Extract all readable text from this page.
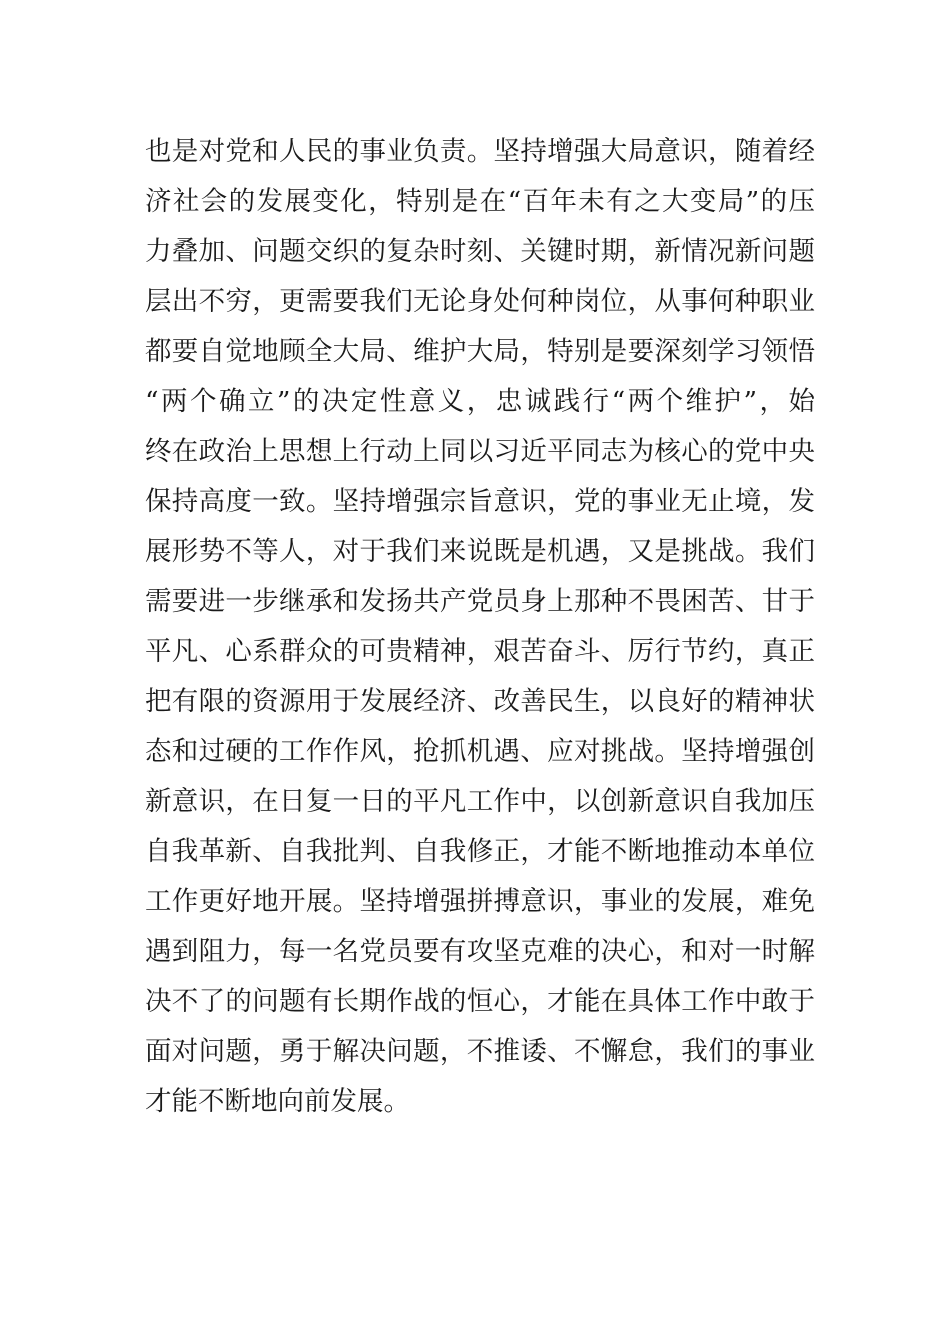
也是对党和人民的事业负责。坚持增强大局意识，随着经
济社会的发展变化，特别是在“百年未有之大变局”的压
力叠加、问题交织的复杂时刻、关键时期，新情况新问题
层出不穷，更需要我们无论身处何种岗位，从事何种职业
都要自觉地顾全大局、维护大局，特别是要深刻学习领悟
“两个确立”的决定性意义，忠诚践行“两个维护”，始
终在政治上思想上行动上同以习近平同志为核心的党中央
保持高度一致。坚持增强宗旨意识，党的事业无止境，发
展形势不等人，对于我们来说既是机遇，又是挑战。我们
需要进一步继承和发扬共产党员身上那种不畏困苦、甘于
平凡、心系群众的可贵精神，艰苦奋斗、厉行节约，真正
把有限的资源用于发展经济、改善民生，以良好的精神状
态和过硬的工作作风，抢抓机遇、应对挑战。坚持增强创
新意识，在日复一日的平凡工作中，以创新意识自我加压
自我革新、自我批判、自我修正，才能不断地推动本单位
工作更好地开展。坚持增强拼搏意识，事业的发展，难免
遇到阻力，每一名党员要有攻坚克难的决心，和对一时解
决不了的问题有长期作战的恒心，才能在具体工作中敢于
面对问题，勇于解决问题，不推诿、不懈怠，我们的事业
才能不断地向前发展。
